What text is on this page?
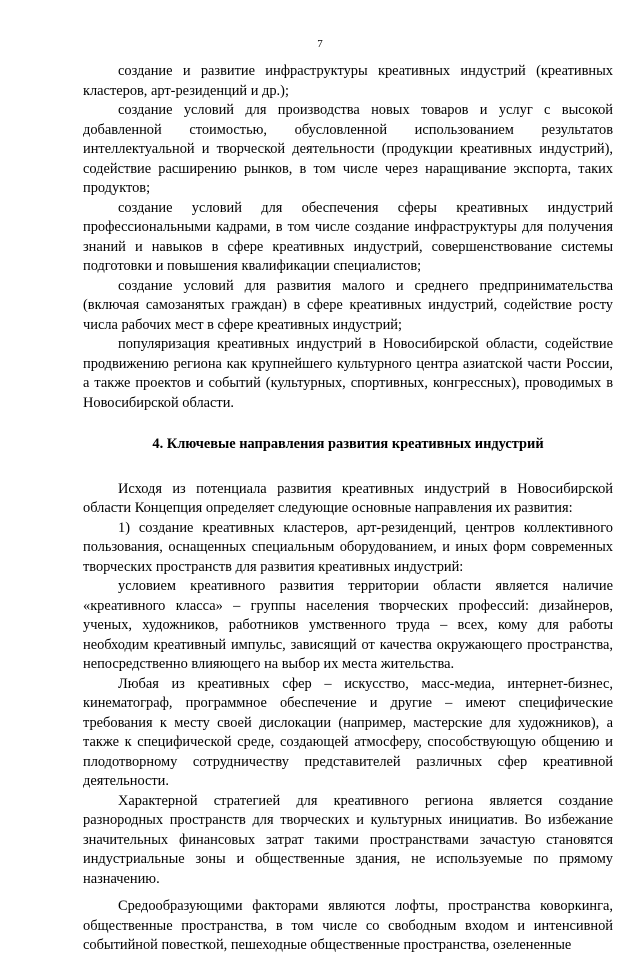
7

создание и развитие инфраструктуры креативных индустрий (креативных кластеров, арт-резиденций и др.);

создание условий для производства новых товаров и услуг с высокой добавленной стоимостью, обусловленной использованием результатов интеллектуальной и творческой деятельности (продукции креативных индустрий), содействие расширению рынков, в том числе через наращивание экспорта, таких продуктов;

создание условий для обеспечения сферы креативных индустрий профессиональными кадрами, в том числе создание инфраструктуры для получения знаний и навыков в сфере креативных индустрий, совершенствование системы подготовки и повышения квалификации специалистов;

создание условий для развития малого и среднего предпринимательства (включая самозанятых граждан) в сфере креативных индустрий, содействие росту числа рабочих мест в сфере креативных индустрий;

популяризация креативных индустрий в Новосибирской области, содействие продвижению региона как крупнейшего культурного центра азиатской части России, а также проектов и событий (культурных, спортивных, конгрессных), проводимых в Новосибирской области.

4. Ключевые направления развития креативных индустрий

Исходя из потенциала развития креативных индустрий в Новосибирской области Концепция определяет следующие основные направления их развития:

1) создание креативных кластеров, арт-резиденций, центров коллективного пользования, оснащенных специальным оборудованием, и иных форм современных творческих пространств для развития креативных индустрий:

условием креативного развития территории области является наличие «креативного класса» – группы населения творческих профессий: дизайнеров, ученых, художников, работников умственного труда – всех, кому для работы необходим креативный импульс, зависящий от качества окружающего пространства, непосредственно влияющего на выбор их места жительства.

Любая из креативных сфер – искусство, масс-медиа, интернет-бизнес, кинематограф, программное обеспечение и другие – имеют специфические требования к месту своей дислокации (например, мастерские для художников), а также к специфической среде, создающей атмосферу, способствующую общению и плодотворному сотрудничеству представителей различных сфер креативной деятельности.

Характерной стратегией для креативного региона является создание разнородных пространств для творческих и культурных инициатив. Во избежание значительных финансовых затрат такими пространствами зачастую становятся индустриальные зоны и общественные здания, не используемые по прямому назначению.

Средообразующими факторами являются лофты, пространства коворкинга, общественные пространства, в том числе со свободным входом и интенсивной событийной повесткой, пешеходные общественные пространства, озелененные
